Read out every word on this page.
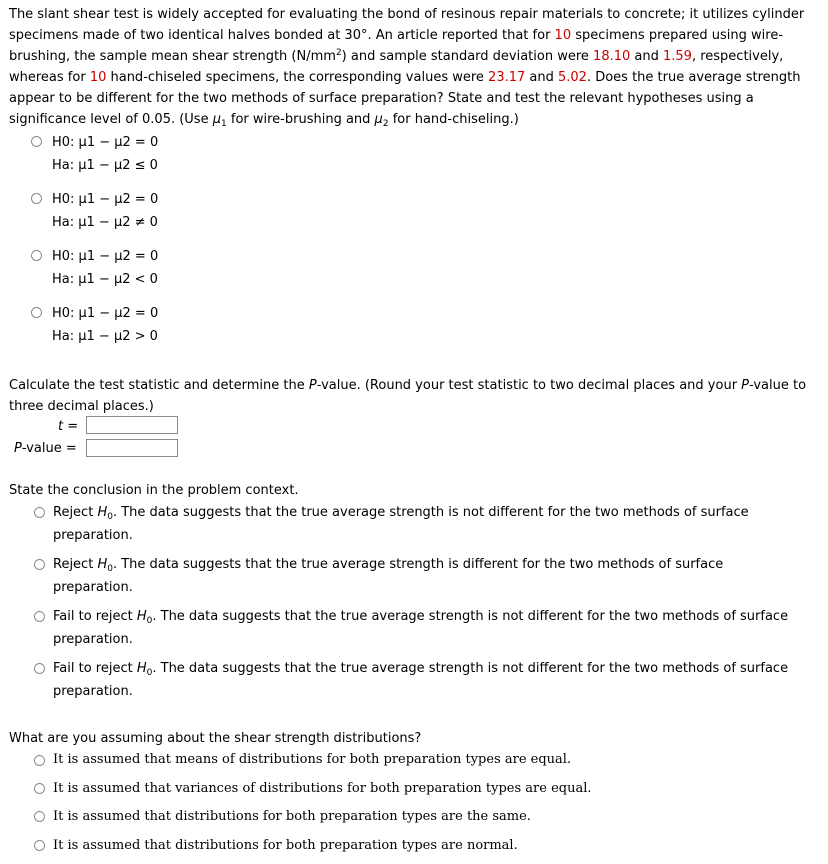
The slant shear test is widely accepted for evaluating the bond of resinous repair materials to concrete; it utilizes cylinder specimens made of two identical halves bonded at 30°. An article reported that for 10 specimens prepared using wire-brushing, the sample mean shear strength $(N/mm^2)$ and sample standard deviation were 18.10 and 1.59, respectively, whereas for 10 hand-chiseled specimens, the corresponding values were 23.17 and 5.02. Does the true average strength appear to be different for the two methods of surface preparation? State and test the relevant hypotheses using a significance level of 0.05. (Use $\mu_1$ for wire-brushing and $\mu_2$ for hand-chiseling.)

H0: μ1 − μ2 = 0
Ha: μ1 − μ2 ≤ 0
H0: μ1 − μ2 = 0
Ha: μ1 − μ2 ≠ 0
H0: μ1 − μ2 = 0
Ha: μ1 − μ2 < 0
H0: μ1 − μ2 = 0
Ha: μ1 − μ2 > 0

Calculate the test statistic and determine the P-value. (Round your test statistic to two decimal places and your P-value to three decimal places.)

t =
P-value =
State the conclusion in the problem context.
Reject $H_0$. The data suggests that the true average strength is not different for the two methods of surface preparation.
Reject $H_0$. The data suggests that the true average strength is different for the two methods of surface preparation.
Fail to reject $H_0$. The data suggests that the true average strength is not different for the two methods of surface preparation.
Fail to reject $H_0$. The data suggests that the true average strength is not different for the two methods of surface preparation.
What are you assuming about the shear strength distributions?
It is assumed that means of distributions for both preparation types are equal.
It is assumed that variances of distributions for both preparation types are equal.
It is assumed that distributions for both preparation types are the same.
It is assumed that distributions for both preparation types are normal.
